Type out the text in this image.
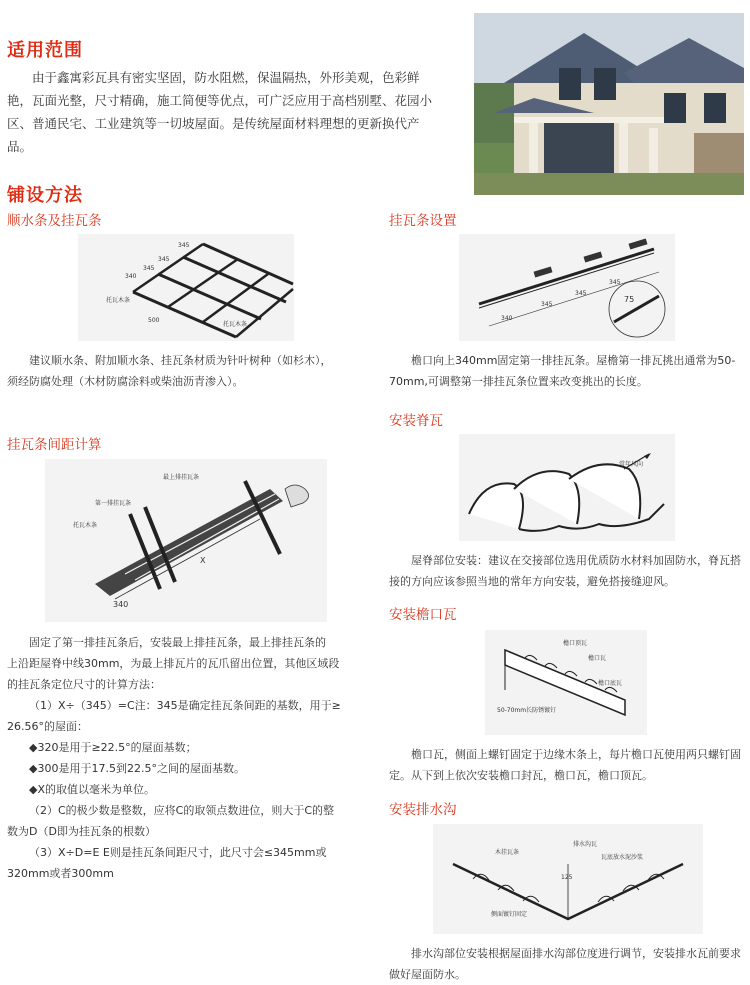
适用范围
由于鑫寓彩瓦具有密实坚固，防水阻燃，保温隔热，外形美观，色彩鲜艳，瓦面光整，尺寸精确，施工简便等优点，可广泛应用于高档别墅、花园小区、普通民宅、工业建筑等一切坡屋面。是传统屋面材料理想的更新换代产品。
铺设方法
顺水条及挂瓦条
345
345
340
345
托瓦木条
500
托瓦木条
建议顺水条、附加顺水条、挂瓦条材质为针叶树种（如杉木），须经防腐处理（木材防腐涂料或柴油沥青渗入）。
挂瓦条间距计算
X
340
最上排挂瓦条
第一排挂瓦条
托瓦木条
固定了第一排挂瓦条后，安装最上排挂瓦条，最上排挂瓦条的
上沿距屋脊中线30mm，为最上排瓦片的瓦爪留出位置，其他区域段
的挂瓦条定位尺寸的计算方法：
（1）X÷（345）=C注：345是确定挂瓦条间距的基数，用于≥
26.56°的屋面：
◆320是用于≥22.5°的屋面基数；
◆300是用于17.5到22.5°之间的屋面基数。
◆X的取值以毫米为单位。
（2）C的极少数是整数，应将C的取领点数进位，则大于C的整
数为D（D即为挂瓦条的根数）
（3）X÷D=E E则是挂瓦条间距尺寸，此尺寸会≤345mm或
320mm或者300mm
挂瓦条设置
340
345
345
345
75
檐口向上340mm固定第一排挂瓦条。屋檐第一排瓦挑出通常为50-70mm,可调整第一排挂瓦条位置来改变挑出的长度。
安装脊瓦
常年风向
屋脊部位安装：建议在交接部位选用优质防水材料加固防水，脊瓦搭接的方向应该参照当地的常年方向安装，避免搭接缝迎风。
安装檐口瓦
檐口顶瓦
檐口瓦
檐口底瓦
50-70mm长防锈镀钉
檐口瓦，侧面上螺钉固定于边缘木条上，每片檐口瓦使用两只螺钉固定。从下到上依次安装檐口封瓦，檐口瓦，檐口顶瓦。
安装排水沟
木挂瓦条
排水沟瓦
瓦底放水泥沙浆
125
侧面镀钉固定
排水沟部位安装根据屋面排水沟部位度进行调节，安装排水瓦前要求做好屋面防水。
